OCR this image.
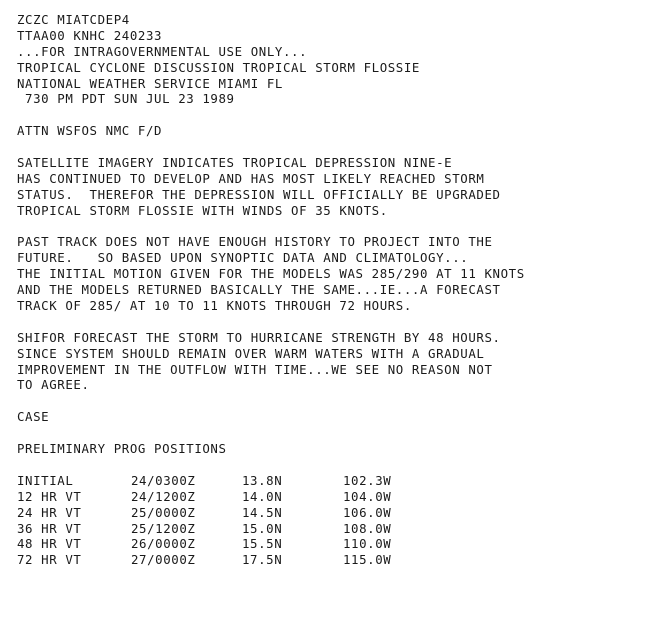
ZCZC MIATCDEP4
TTAA00 KNHC 240233
...FOR INTRAGOVERNMENTAL USE ONLY...
TROPICAL CYCLONE DISCUSSION TROPICAL STORM FLOSSIE
NATIONAL WEATHER SERVICE MIAMI FL
730 PM PDT SUN JUL 23 1989
ATTN WSFOS NMC F/D
SATELLITE IMAGERY INDICATES TROPICAL DEPRESSION NINE-E
HAS CONTINUED TO DEVELOP AND HAS MOST LIKELY REACHED STORM
STATUS.  THEREFOR THE DEPRESSION WILL OFFICIALLY BE UPGRADED
TROPICAL STORM FLOSSIE WITH WINDS OF 35 KNOTS.
PAST TRACK DOES NOT HAVE ENOUGH HISTORY TO PROJECT INTO THE
FUTURE.   SO BASED UPON SYNOPTIC DATA AND CLIMATOLOGY...
THE INITIAL MOTION GIVEN FOR THE MODELS WAS 285/290 AT 11 KNOTS
AND THE MODELS RETURNED BASICALLY THE SAME...IE...A FORECAST
TRACK OF 285/ AT 10 TO 11 KNOTS THROUGH 72 HOURS.
SHIFOR FORECAST THE STORM TO HURRICANE STRENGTH BY 48 HOURS.
SINCE SYSTEM SHOULD REMAIN OVER WARM WATERS WITH A GRADUAL
IMPROVEMENT IN THE OUTFLOW WITH TIME...WE SEE NO REASON NOT
TO AGREE.
CASE
PRELIMINARY PROG POSITIONS
INITIAL	24/0300Z	13.8N	102.3W
12 HR VT	24/1200Z	14.0N	104.0W
24 HR VT	25/0000Z	14.5N	106.0W
36 HR VT	25/1200Z	15.0N	108.0W
48 HR VT	26/0000Z	15.5N	110.0W
72 HR VT	27/0000Z	17.5N	115.0W
